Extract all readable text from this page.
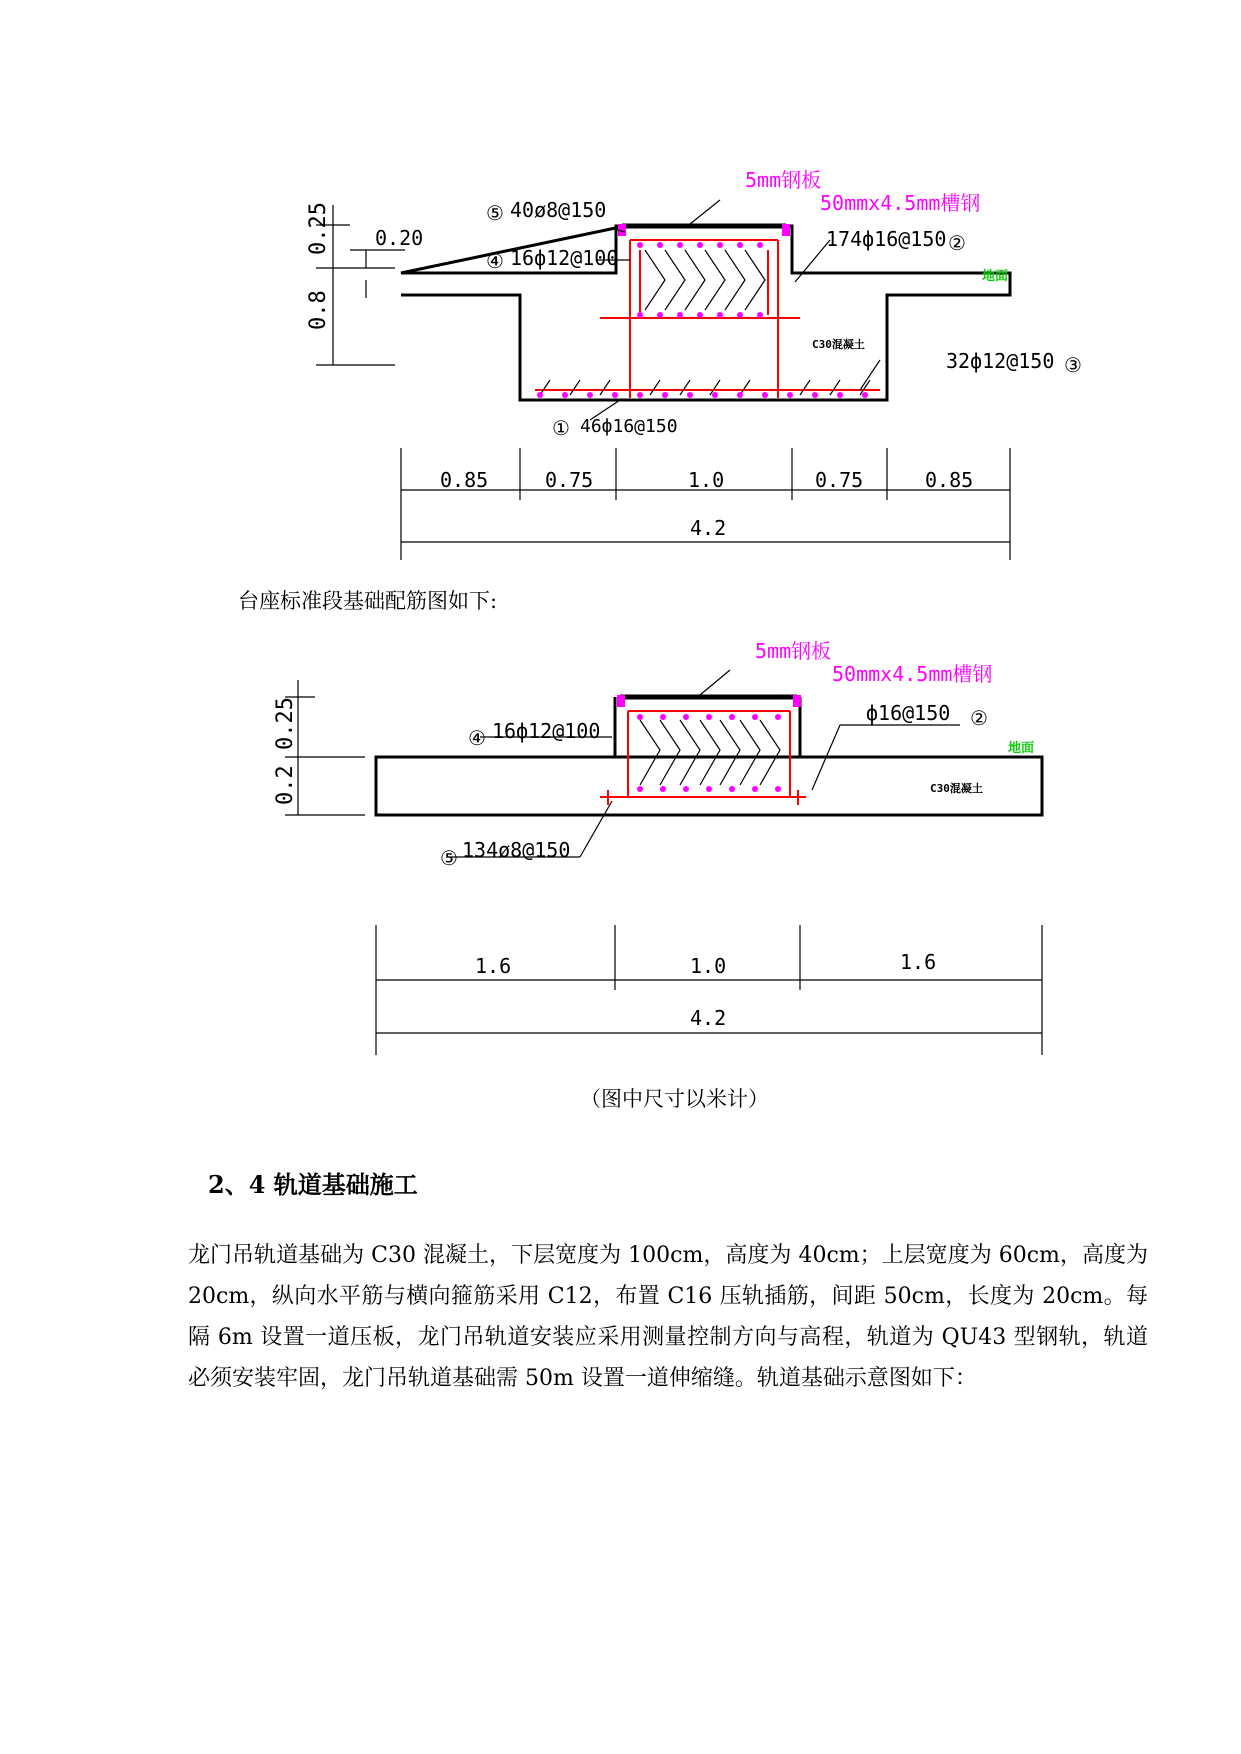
5mm钢板
50mmx4.5mm槽钢
⑤ 40ø8@150
④ 16ф12@100
174ф16@150 ②
地面
C30混凝土
32ф12@150 ③
① 46ф16@150
0.25 0.20
0.8
0.85	0.75	1.0	0.75	0.85
4.2
台座标准段基础配筋图如下:
5mm钢板
50mmx4.5mm槽钢
④ 16ф12@100
ф16@150 ②
地面
C30混凝土
⑤ 134ø8@150
0.25
0.2
1.6	1.0	1.6
4.2
（图中尺寸以米计）
2、4 轨道基础施工
龙门吊轨道基础为 C30 混凝土，下层宽度为 100cm，高度为 40cm；上层宽度为 60cm，高度为 20cm，纵向水平筋与横向箍筋采用 C12，布置 C16 压轨插筋，间距 50cm，长度为 20cm。每隔 6m 设置一道压板，龙门吊轨道安装应采用测量控制方向与高程，轨道为 QU43 型钢轨，轨道必须安装牢固，龙门吊轨道基础需 50m 设置一道伸缩缝。轨道基础示意图如下：
